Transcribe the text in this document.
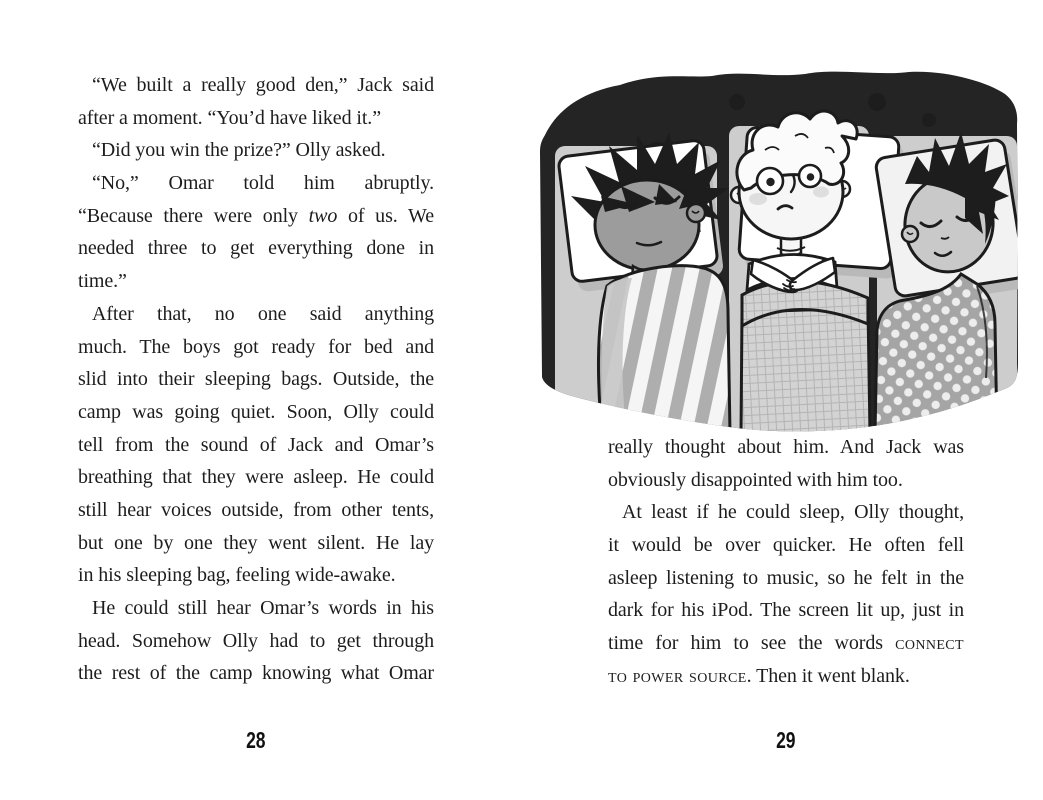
“We built a really good den,” Jack said
after a moment. “You’d have liked it.”
“Did you win the prize?” Olly asked.
“No,” Omar told him abruptly.
“Because there were only two of us. We
needed three to get everything done in
time.”
After that, no one said anything
much. The boys got ready for bed and
slid into their sleeping bags. Outside, the
camp was going quiet. Soon, Olly could
tell from the sound of Jack and Omar’s
breathing that they were asleep. He could
still hear voices outside, from other tents,
but one by one they went silent. He lay
in his sleeping bag, feeling wide-awake.
He could still hear Omar’s words in his
head. Somehow Olly had to get through
the rest of the camp knowing what Omar
really thought about him. And Jack was
obviously disappointed with him too.
At least if he could sleep, Olly thought,
it would be over quicker. He often fell
asleep listening to music, so he felt in the
dark for his iPod. The screen lit up, just in
time for him to see the words connect
to power source. Then it went blank.
28	29
